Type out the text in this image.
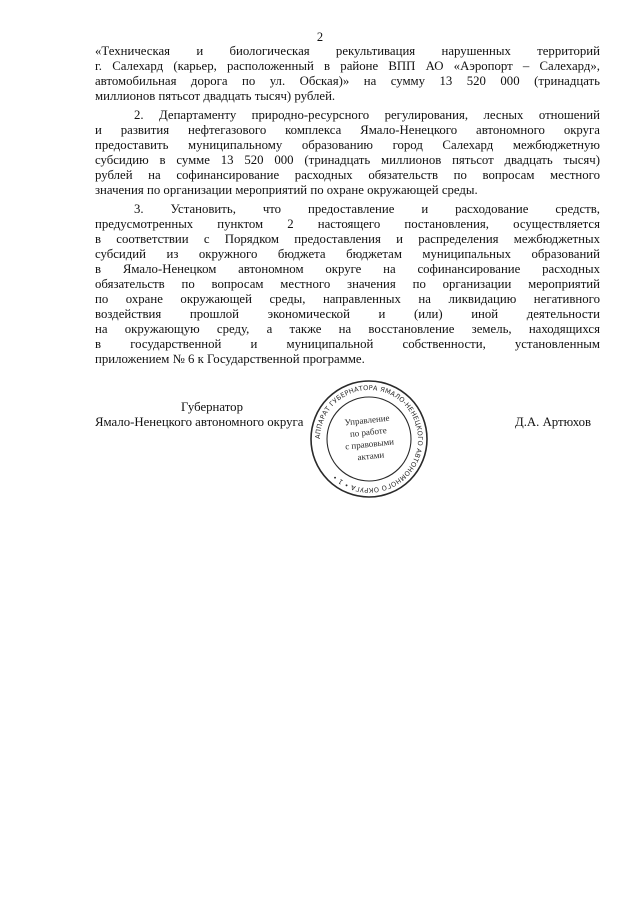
2
«Техническая и биологическая рекультивация нарушенных территорий
г. Салехард (карьер, расположенный в районе ВПП АО «Аэропорт – Салехард»,
автомобильная дорога по ул. Обская)» на сумму 13 520 000 (тринадцать
миллионов пятьсот двадцать тысяч) рублей.
2. Департаменту природно-ресурсного регулирования, лесных отношений
и развития нефтегазового комплекса Ямало-Ненецкого автономного округа
предоставить муниципальному образованию город Салехард межбюджетную
субсидию в сумме 13 520 000 (тринадцать миллионов пятьсот двадцать тысяч)
рублей на софинансирование расходных обязательств по вопросам местного
значения по организации мероприятий по охране окружающей среды.
3. Установить, что предоставление и расходование средств,
предусмотренных пунктом 2 настоящего постановления, осуществляется
в соответствии с Порядком предоставления и распределения межбюджетных
субсидий из окружного бюджета бюджетам муниципальных образований
в Ямало-Ненецком автономном округе на софинансирование расходных
обязательств по вопросам местного значения по организации мероприятий
по охране окружающей среды, направленных на ликвидацию негативного
воздействия прошлой экономической и (или) иной деятельности
на окружающую среду, а также на восстановление земель, находящихся
в государственной и муниципальной собственности, установленным
приложением № 6 к Государственной программе.
Губернатор
Ямало-Ненецкого автономного округа	Д.А. Артюхов
АППАРАТ ГУБЕРНАТОРА ЯМАЛО-НЕНЕЦКОГО АВТОНОМНОГО ОКРУГА • 1 •
Управление
по работе
с правовыми
актами
